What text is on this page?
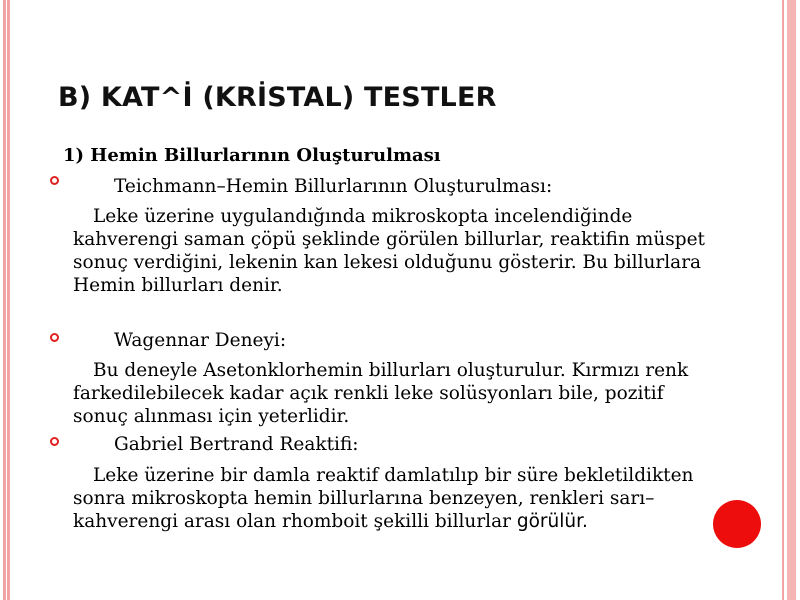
B) KAT^İ (KRİSTAL) TESTLER
1) Hemin Billurlarının Oluşturulması
Teichmann–Hemin Billurlarının Oluşturulması:
Leke üzerine uygulandığında mikroskopta incelendiğinde kahverengi saman çöpü şeklinde görülen billurlar, reaktifin müspet sonuç verdiğini, lekenin kan lekesi olduğunu gösterir. Bu billurlara Hemin billurları denir.
Wagennar Deneyi:
Bu deneyle Asetonklorhemin billurları oluşturulur. Kırmızı renk farkedilebilecek kadar açık renkli leke solüsyonları bile, pozitif sonuç alınması için yeterlidir.
Gabriel Bertrand Reaktifi:
Leke üzerine bir damla reaktif damlatılıp bir süre bekletildikten sonra mikroskopta hemin billurlarına benzeyen, renkleri sarı–kahverengi arası olan rhomboit şekilli billurlar görülür.
